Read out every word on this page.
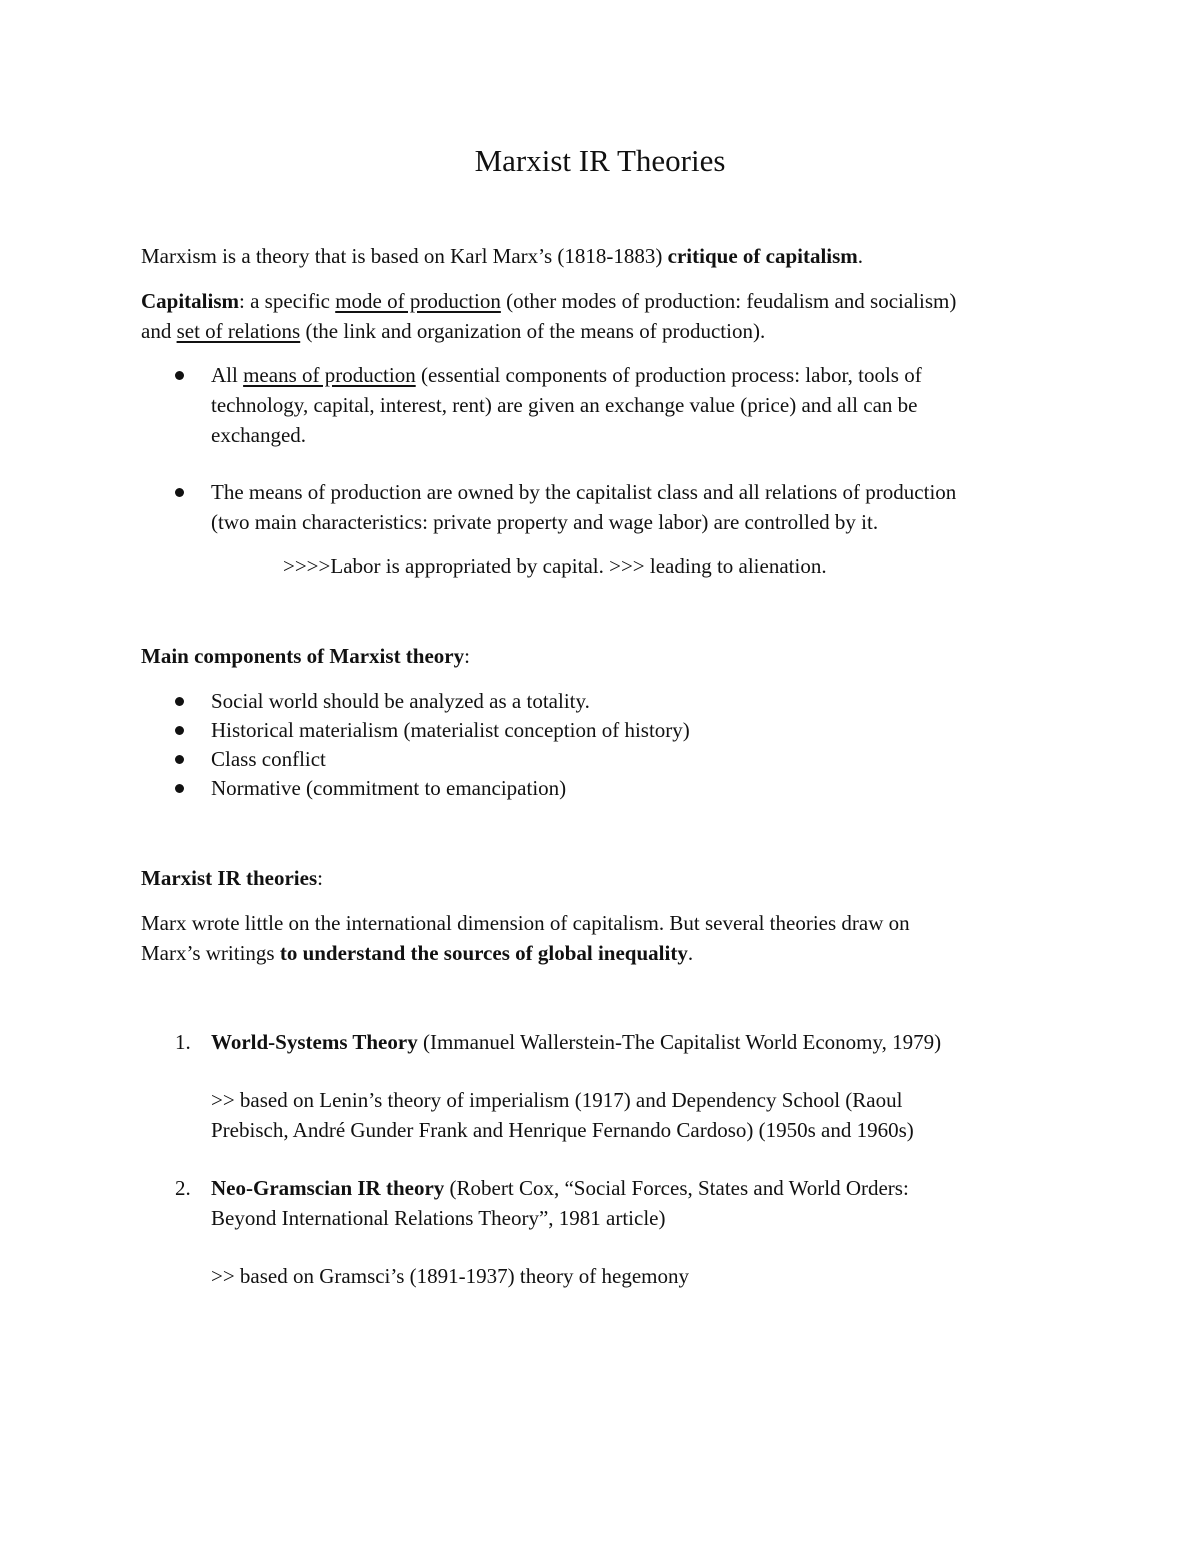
Marxist IR Theories
Marxism is a theory that is based on Karl Marx’s (1818-1883) critique of capitalism.
Capitalism: a specific mode of production (other modes of production: feudalism and socialism)
and set of relations (the link and organization of the means of production).
All means of production (essential components of production process: labor, tools of
technology, capital, interest, rent) are given an exchange value (price) and all can be
exchanged.
The means of production are owned by the capitalist class and all relations of production
(two main characteristics: private property and wage labor) are controlled by it.
>>>>Labor is appropriated by capital. >>> leading to alienation.
Main components of Marxist theory:
Social world should be analyzed as a totality.
Historical materialism (materialist conception of history)
Class conflict
Normative (commitment to emancipation)
Marxist IR theories:
Marx wrote little on the international dimension of capitalism. But several theories draw on
Marx’s writings to understand the sources of global inequality.
1. World-Systems Theory (Immanuel Wallerstein-The Capitalist World Economy, 1979)
>> based on Lenin’s theory of imperialism (1917) and Dependency School (Raoul
Prebisch, André Gunder Frank and Henrique Fernando Cardoso) (1950s and 1960s)
2. Neo-Gramscian IR theory (Robert Cox, “Social Forces, States and World Orders:
Beyond International Relations Theory”, 1981 article)
>> based on Gramsci’s (1891-1937) theory of hegemony
